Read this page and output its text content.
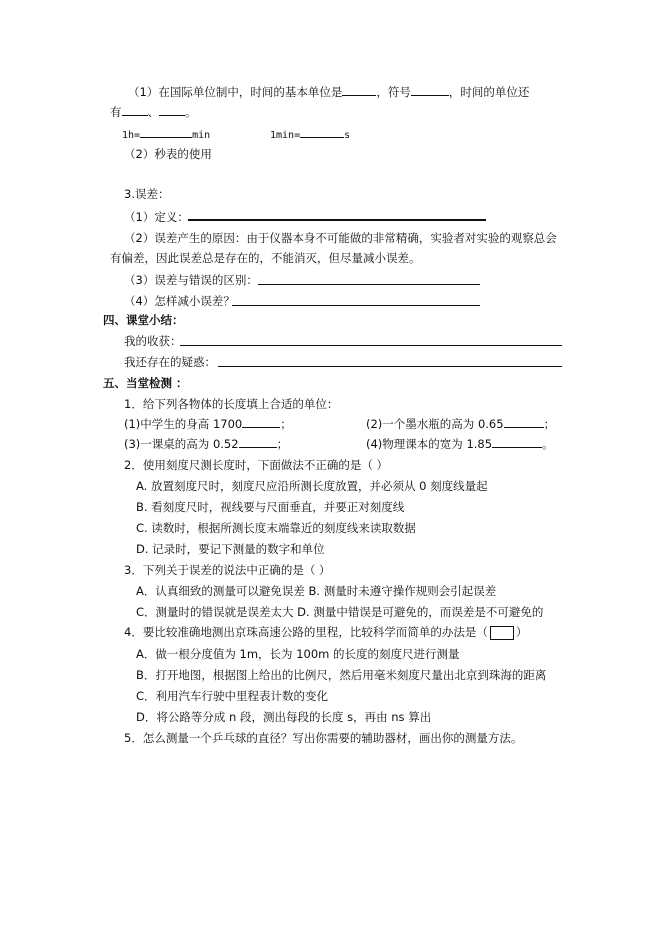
（1）在国际单位制中，时间的基本单位是	，符号	，时间的单位还
有 、 。
1h=	min	1min=	s
（2）秒表的使用
3.误差：
（1）定义：
（2）误差产生的原因：由于仪器本身不可能做的非常精确，实验者对实验的观察总会
有偏差，因此误差总是存在的，不能消灭，但尽量减小误差。
（3）误差与错误的区别：
（4）怎样减小误差？
四、课堂小结：
我的收获：
我还存在的疑惑：
五、当堂检测 ：
1．给下列各物体的长度填上合适的单位：
(1)中学生的身高 1700	；	(2)一个墨水瓶的高为 0.65	；
(3)一课桌的高为 0.52	；	(4)物理课本的宽为 1.85	。
2．使用刻度尺测长度时，下面做法不正确的是（ ）
A. 放置刻度尺时，刻度尺应沿所测长度放置，并必须从 0 刻度线量起
B. 看刻度尺时，视线要与尺面垂直，并要正对刻度线
C. 读数时，根据所测长度末端靠近的刻度线来读取数据
D. 记录时，要记下测量的数字和单位
3．下列关于误差的说法中正确的是（ ）
A．认真细致的测量可以避免误差 B. 测量时未遵守操作规则会引起误差
C．测量时的错误就是误差太大 D. 测量中错误是可避免的，而误差是不可避免的
4．要比较准确地测出京珠高速公路的里程，比较科学而简单的办法是（ ）
A．做一根分度值为 1m，长为 100m 的长度的刻度尺进行测量
B．打开地图，根据图上给出的比例尺，然后用毫米刻度尺量出北京到珠海的距离
C．利用汽车行驶中里程表计数的变化
D．将公路等分成 n 段，测出每段的长度 s，再由 ns 算出
5．怎么测量一个乒乓球的直径？写出你需要的辅助器材，画出你的测量方法。
